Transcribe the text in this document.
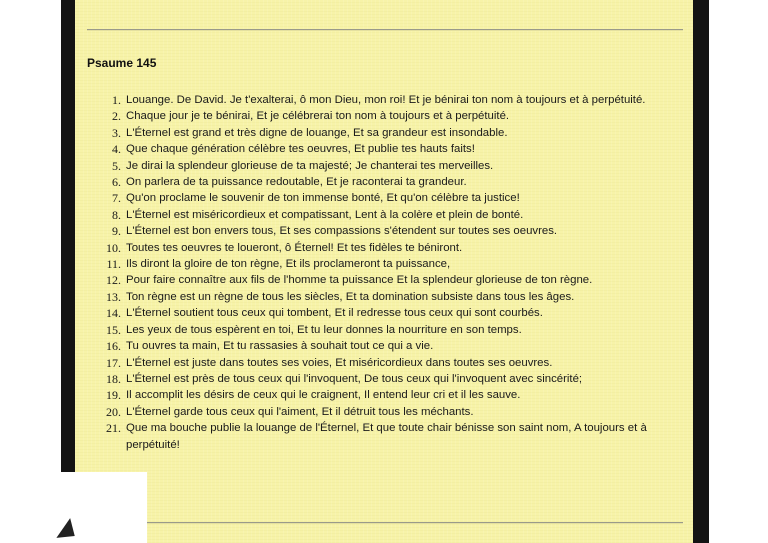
Psaume 145
1. Louange. De David. Je t'exalterai, ô mon Dieu, mon roi! Et je bénirai ton nom à toujours et à perpétuité.
2. Chaque jour je te bénirai, Et je célébrerai ton nom à toujours et à perpétuité.
3. L'Éternel est grand et très digne de louange, Et sa grandeur est insondable.
4. Que chaque génération célèbre tes oeuvres, Et publie tes hauts faits!
5. Je dirai la splendeur glorieuse de ta majesté; Je chanterai tes merveilles.
6. On parlera de ta puissance redoutable, Et je raconterai ta grandeur.
7. Qu'on proclame le souvenir de ton immense bonté, Et qu'on célèbre ta justice!
8. L'Éternel est miséricordieux et compatissant, Lent à la colère et plein de bonté.
9. L'Éternel est bon envers tous, Et ses compassions s'étendent sur toutes ses oeuvres.
10. Toutes tes oeuvres te loueront, ô Éternel! Et tes fidèles te béniront.
11. Ils diront la gloire de ton règne, Et ils proclameront ta puissance,
12. Pour faire connaître aux fils de l'homme ta puissance Et la splendeur glorieuse de ton règne.
13. Ton règne est un règne de tous les siècles, Et ta domination subsiste dans tous les âges.
14. L'Éternel soutient tous ceux qui tombent, Et il redresse tous ceux qui sont courbés.
15. Les yeux de tous espèrent en toi, Et tu leur donnes la nourriture en son temps.
16. Tu ouvres ta main, Et tu rassasies à souhait tout ce qui a vie.
17. L'Éternel est juste dans toutes ses voies, Et miséricordieux dans toutes ses oeuvres.
18. L'Éternel est près de tous ceux qui l'invoquent, De tous ceux qui l'invoquent avec sincérité;
19. Il accomplit les désirs de ceux qui le craignent, Il entend leur cri et il les sauve.
20. L'Éternel garde tous ceux qui l'aiment, Et il détruit tous les méchants.
21. Que ma bouche publie la louange de l'Éternel, Et que toute chair bénisse son saint nom, A toujours et à perpétuité!
